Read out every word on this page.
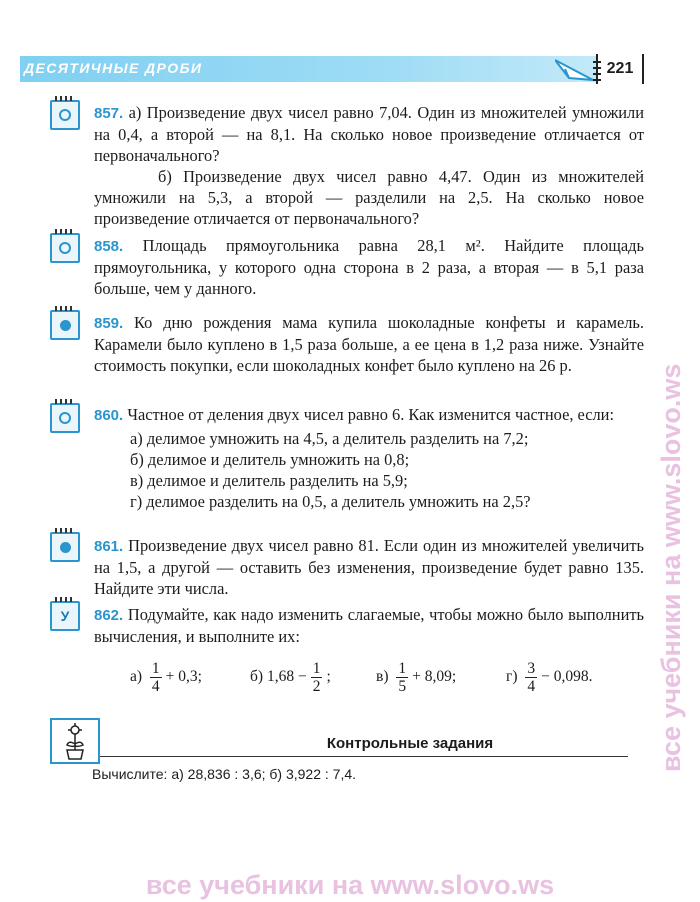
ДЕСЯТИЧНЫЕ ДРОБИ	221

857. а) Произведение двух чисел равно 7,04. Один из множителей умножили на 0,4, а второй — на 8,1. На сколько новое произведение отличается от первоначального?

б) Произведение двух чисел равно 4,47. Один из множителей умножили на 5,3, а второй — разделили на 2,5. На сколько новое произведение отличается от первоначального?

858. Площадь прямоугольника равна 28,1 м². Найдите площадь прямоугольника, у которого одна сторона в 2 раза, а вторая — в 5,1 раза больше, чем у данного.

859. Ко дню рождения мама купила шоколадные конфеты и карамель. Карамели было куплено в 1,5 раза больше, а ее цена в 1,2 раза ниже. Узнайте стоимость покупки, если шоколадных конфет было куплено на 26 р.

860. Частное от деления двух чисел равно 6. Как изменится частное, если:

а) делимое умножить на 4,5, а делитель разделить на 7,2;
б) делимое и делитель умножить на 0,8;
в) делимое и делитель разделить на 5,9;
г) делимое разделить на 0,5, а делитель умножить на 2,5?

861. Произведение двух чисел равно 81. Если один из множителей увеличить на 1,5, а другой — оставить без изменения, произведение будет равно 135. Найдите эти числа.

У	862. Подумайте, как надо изменить слагаемые, чтобы можно было выполнить вычисления, и выполните их:

а)
$\frac{1}{4} + 0,3$;	б)
$1,68 - \frac{1}{2}$ ;	в)
$\frac{1}{5} + 8,09$;	г)
$\frac{3}{4} - 0,098$.
Контрольные задания
Вычислите: а) 28,836 : 3,6; б) 3,922 : 7,4.
все учебники на www.slovo.ws
все учебники на www.slovo.ws
